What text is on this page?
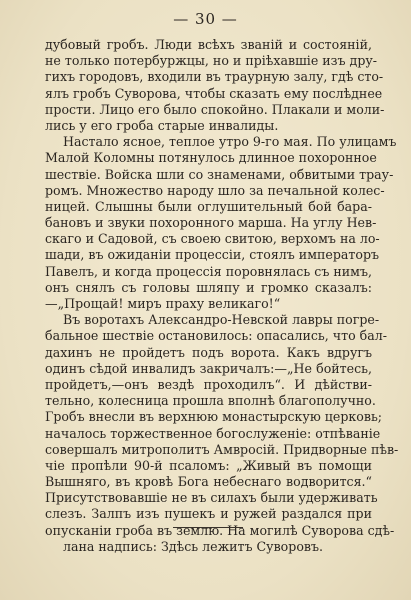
— 30 —
дубовый гробъ. Люди всѣхъ званій и состояній,
не только потербуржцы, но и пріѣхавшіе изъ дру-
гихъ городовъ, входили въ траурную залу, гдѣ сто-
ялъ гробъ Суворова, чтобы сказать ему послѣднее
прости. Лицо его было спокойно. Плакали и моли-
лись у его гроба старые инвалиды.
Настало ясное, теплое утро 9-го мая. По улицамъ
Малой Коломны потянулось длинное похоронное
шествіе. Войска шли со знаменами, обвитыми трау-
ромъ. Множество народу шло за печальной колес-
ницей. Слышны были оглушительный бой бара-
бановъ и звуки похоронного марша. На углу Нев-
скаго и Садовой, съ своею свитою, верхомъ на ло-
шади, въ ожиданіи процессіи, стоялъ императоръ
Павелъ, и когда процессія поровнялась съ нимъ,
онъ снялъ съ головы шляпу и громко сказалъ:
—„Прощай! миръ праху великаго!“
Въ воротахъ Александро-Невской лавры погре-
бальное шествіе остановилось: опасались, что бал-
дахинъ не пройдетъ подъ ворота. Какъ вдругъ
одинъ сѣдой инвалидъ закричалъ:—„Не бойтесь,
пройдетъ,—онъ вездѣ проходилъ“. И дѣйстви-
тельно, колесница прошла вполнѣ благополучно.
Гробъ внесли въ верхнюю монастырскую церковь;
началось торжественное богослуженіе: отпѣваніе
совершалъ митрополитъ Амвросій. Придворные пѣв-
чіе пропѣли 90-й псаломъ: „Живый въ помощи
Вышняго, въ кровѣ Бога небеснаго водворится.“
Присутствовавшіе не въ силахъ были удерживать
слезъ. Залпъ изъ пушекъ и ружей раздался при
опусканіи гроба въ землю. На могилѣ Суворова сдѣ-
лана надпись: Здѣсь лежитъ Суворовъ.
